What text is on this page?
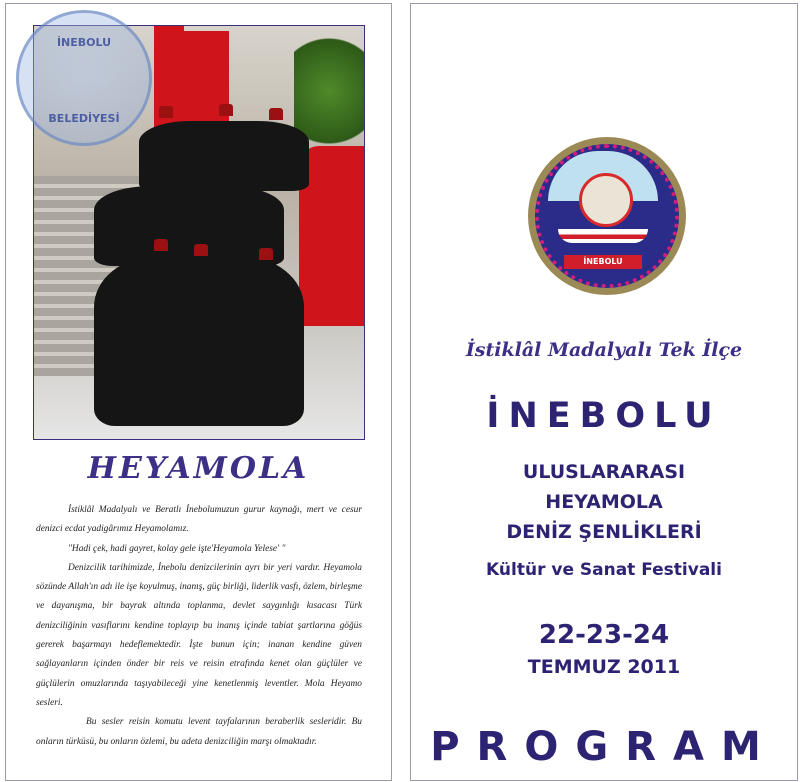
İNEBOLU

BELEDİYESİ
HEYAMOLA

İstiklâl Madalyalı ve Beratlı İnebolumuzun gurur kaynağı, mert ve cesur denizci ecdat yadigârımız Heyamolamız.

"Hadi çek, hadi gayret, kolay gele işte'Heyamola Yelese' "

Denizcilik tarihimizde, İnebolu denizcilerinin ayrı bir yeri vardır. Heyamola sözünde Allah'ın adı ile işe koyulmuş, inanış, güç birliği, liderlik vasfı, özlem, birleşme ve dayanışma, bir bayrak altında toplanma, devlet saygınlığı kısacası Türk denizciliğinin vasıflarını kendine toplayıp bu inanış içinde tabiat şartlarına göğüs gererek başarmayı hedeflemektedir. İşte bunun için; inanan kendine güven sağlayanların içinden önder bir reis ve reisin etrafında kenet olan güçlüler ve güçlülerin omuzlarında taşıyabileceği yine kenetlenmiş leventler. Mola Heyamo sesleri.

Bu sesler reisin komutu levent tayfalarının beraberlik sesleridir. Bu onların türküsü, bu onların özlemi, bu adeta denizciliğin marşı olmaktadır.

İNEBOLU
İstiklâl Madalyalı Tek İlçe
İNEBOLU
ULUSLARARASI
HEYAMOLA
DENİZ ŞENLİKLERİ
Kültür ve Sanat Festivali
22-23-24
TEMMUZ 2011
PROGRAM
